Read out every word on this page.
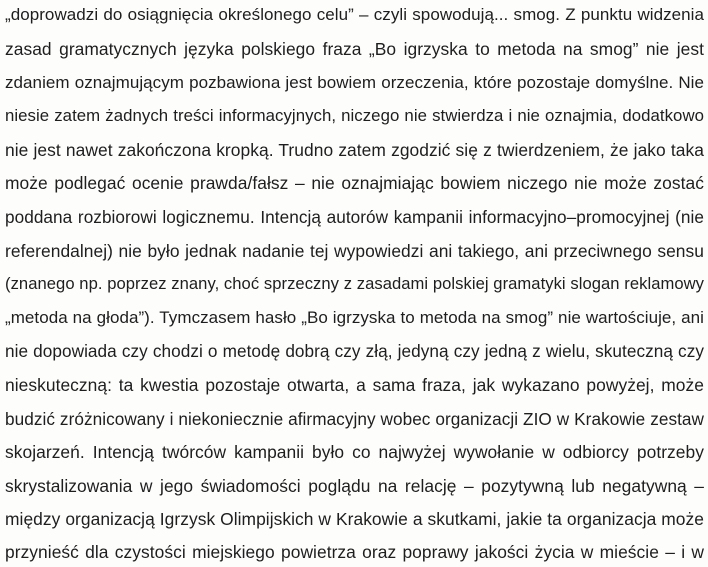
„doprowadzi do osiągnięcia określonego celu” – czyli spowodują... smog. Z punktu widzenia
zasad gramatycznych języka polskiego fraza „Bo igrzyska to metoda na smog” nie jest
zdaniem oznajmującym pozbawiona jest bowiem orzeczenia, które pozostaje domyślne. Nie
niesie zatem żadnych treści informacyjnych, niczego nie stwierdza i nie oznajmia, dodatkowo
nie jest nawet zakończona kropką. Trudno zatem zgodzić się z twierdzeniem, że jako taka
może podlegać ocenie prawda/fałsz – nie oznajmiając bowiem niczego nie może zostać
poddana rozbiorowi logicznemu. Intencją autorów kampanii informacyjno–promocyjnej (nie
referendalnej) nie było jednak nadanie tej wypowiedzi ani takiego, ani przeciwnego sensu
(znanego np. poprzez znany, choć sprzeczny z zasadami polskiej gramatyki slogan reklamowy
„metoda na głoda”). Tymczasem hasło „Bo igrzyska to metoda na smog” nie wartościuje, ani
nie dopowiada czy chodzi o metodę dobrą czy złą, jedyną czy jedną z wielu, skuteczną czy
nieskuteczną: ta kwestia pozostaje otwarta, a sama fraza, jak wykazano powyżej, może
budzić zróżnicowany i niekoniecznie afirmacyjny wobec organizacji ZIO w Krakowie zestaw
skojarzeń. Intencją twórców kampanii było co najwyżej wywołanie w odbiorcy potrzeby
skrystalizowania w jego świadomości poglądu na relację – pozytywną lub negatywną –
między organizacją Igrzysk Olimpijskich w Krakowie a skutkami, jakie ta organizacja może
przynieść dla czystości miejskiego powietrza oraz poprawy jakości życia w mieście – i w
